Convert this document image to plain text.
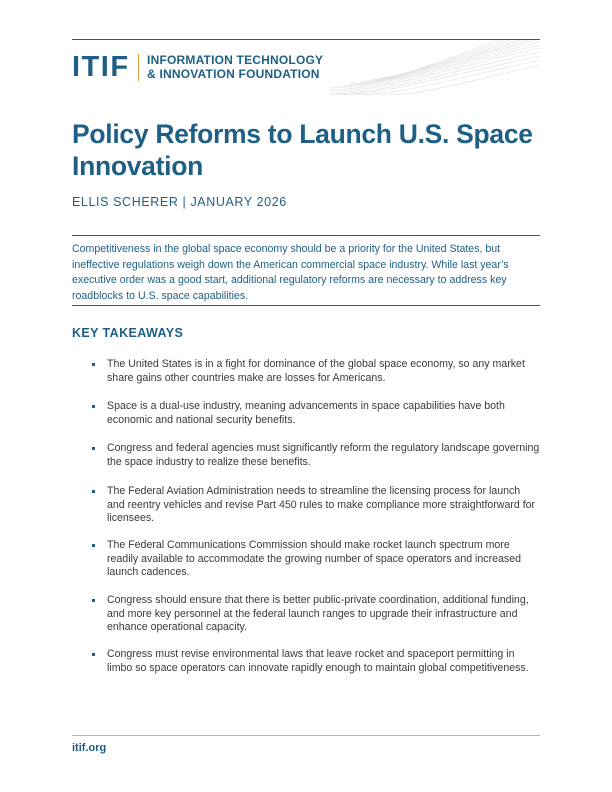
ITIF INFORMATION TECHNOLOGY
& INNOVATION FOUNDATION
Policy Reforms to Launch U.S. Space Innovation
ELLIS SCHERER | JANUARY 2026

Competitiveness in the global space economy should be a priority for the United States, but ineffective regulations weigh down the American commercial space industry. While last year’s executive order was a good start, additional regulatory reforms are necessary to address key roadblocks to U.S. space capabilities.

KEY TAKEAWAYS
The United States is in a fight for dominance of the global space economy, so any market share gains other countries make are losses for Americans.
Space is a dual-use industry, meaning advancements in space capabilities have both economic and national security benefits.
Congress and federal agencies must significantly reform the regulatory landscape governing the space industry to realize these benefits.
The Federal Aviation Administration needs to streamline the licensing process for launch and reentry vehicles and revise Part 450 rules to make compliance more straightforward for licensees.
The Federal Communications Commission should make rocket launch spectrum more readily available to accommodate the growing number of space operators and increased launch cadences.
Congress should ensure that there is better public-private coordination, additional funding, and more key personnel at the federal launch ranges to upgrade their infrastructure and enhance operational capacity.
Congress must revise environmental laws that leave rocket and spaceport permitting in limbo so space operators can innovate rapidly enough to maintain global competitiveness.
itif.org
